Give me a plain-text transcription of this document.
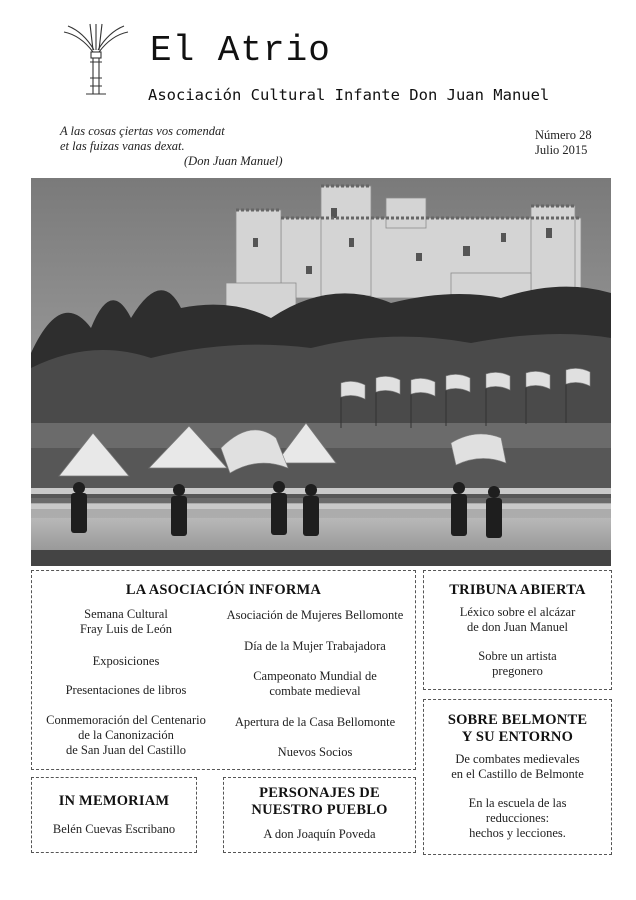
El Atrio
Asociación Cultural Infante Don Juan Manuel
A las cosas çiertas vos comendat
et las fuizas vanas dexat.
(Don Juan Manuel)
Número 28
Julio 2015
LA ASOCIACIÓN INFORMA
Semana Cultural
Fray Luis de León
Exposiciones
Presentaciones de libros
Conmemoración del Centenario
de la Canonización
de San Juan del Castillo
Asociación de Mujeres Bellomonte
Día de la Mujer Trabajadora
Campeonato Mundial de
combate medieval
Apertura de la Casa Bellomonte
Nuevos Socios
TRIBUNA ABIERTA
Léxico sobre el alcázar
de don Juan Manuel
Sobre un artista
pregonero
SOBRE BELMONTE
Y SU ENTORNO
De combates medievales
en el Castillo de Belmonte
En la escuela de las
reducciones:
hechos y lecciones.
IN MEMORIAM
Belén Cuevas Escribano
PERSONAJES DE
NUESTRO PUEBLO
A don Joaquín Poveda
